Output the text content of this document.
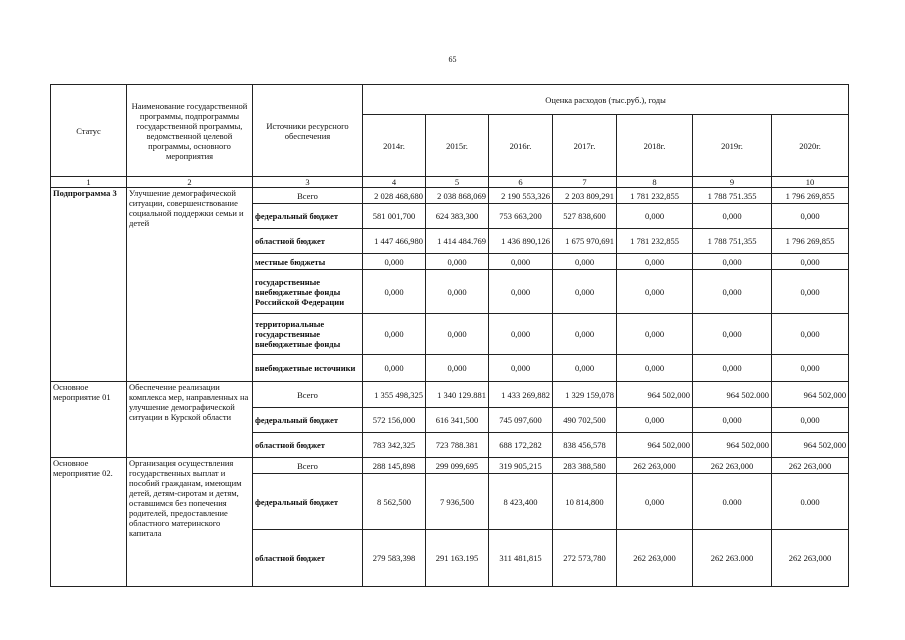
65
Статус	Наименование государственной программы, подпрограммы государственной программы, ведомственной целевой программы, основного мероприятия	Источники ресурсного обеспечения	Оценка расходов (тыс.руб.), годы						
			2014г.	2015г.	2016г.	2017г.	2018г.	2019г.	2020г.
1	2	3	4	5	6	7	8	9	10
Подпрограмма 3	Улучшение демографической ситуации, совершенствование социальной поддержки семьи и детей	Всего	2 028 468,680	2 038 868,069	2 190 553,326	2 203 809,291	1 781 232,855	1 788 751.355	1 796 269,855
		федеральный бюджет	581 001,700	624 383,300	753 663,200	527 838,600	0,000	0,000	0,000
		областной бюджет	1 447 466,980	1 414 484.769	1 436 890,126	1 675 970,691	1 781 232,855	1 788 751,355	1 796 269,855
		местные бюджеты	0,000	0,000	0,000	0,000	0,000	0,000	0,000
		государственные внебюджетные фонды Российской Федерации	0,000	0,000	0,000	0,000	0,000	0,000	0,000
		территориальные государственные внебюджетные фонды	0,000	0,000	0,000	0,000	0,000	0,000	0,000
		внебюджетные источники	0,000	0,000	0,000	0,000	0,000	0,000	0,000
Основное мероприятие 01	Обеспечение реализации комплекса мер, направленных на улучшение демографической ситуации в Курской области	Всего	1 355 498,325	1 340 129.881	1 433 269,882	1 329 159,078	964 502,000	964 502.000	964 502,000
		федеральный бюджет	572 156,000	616 341,500	745 097,600	490 702,500	0,000	0,000	0,000
		областной бюджет	783 342,325	723 788.381	688 172,282	838 456,578	964 502,000	964 502,000	964 502,000
Основное мероприятие 02.	Организация осуществления государственных выплат и пособий гражданам, имеющим детей, детям-сиротам и детям, оставшимся без попечения родителей, предоставление областного материнского капитала	Всего	288 145,898	299 099,695	319 905,215	283 388,580	262 263,000	262 263,000	262 263,000
		федеральный бюджет	8 562,500	7 936,500	8 423,400	10 814,800	0,000	0.000	0.000
		областной бюджет	279 583,398	291 163.195	311 481,815	272 573,780	262 263,000	262 263.000	262 263,000
